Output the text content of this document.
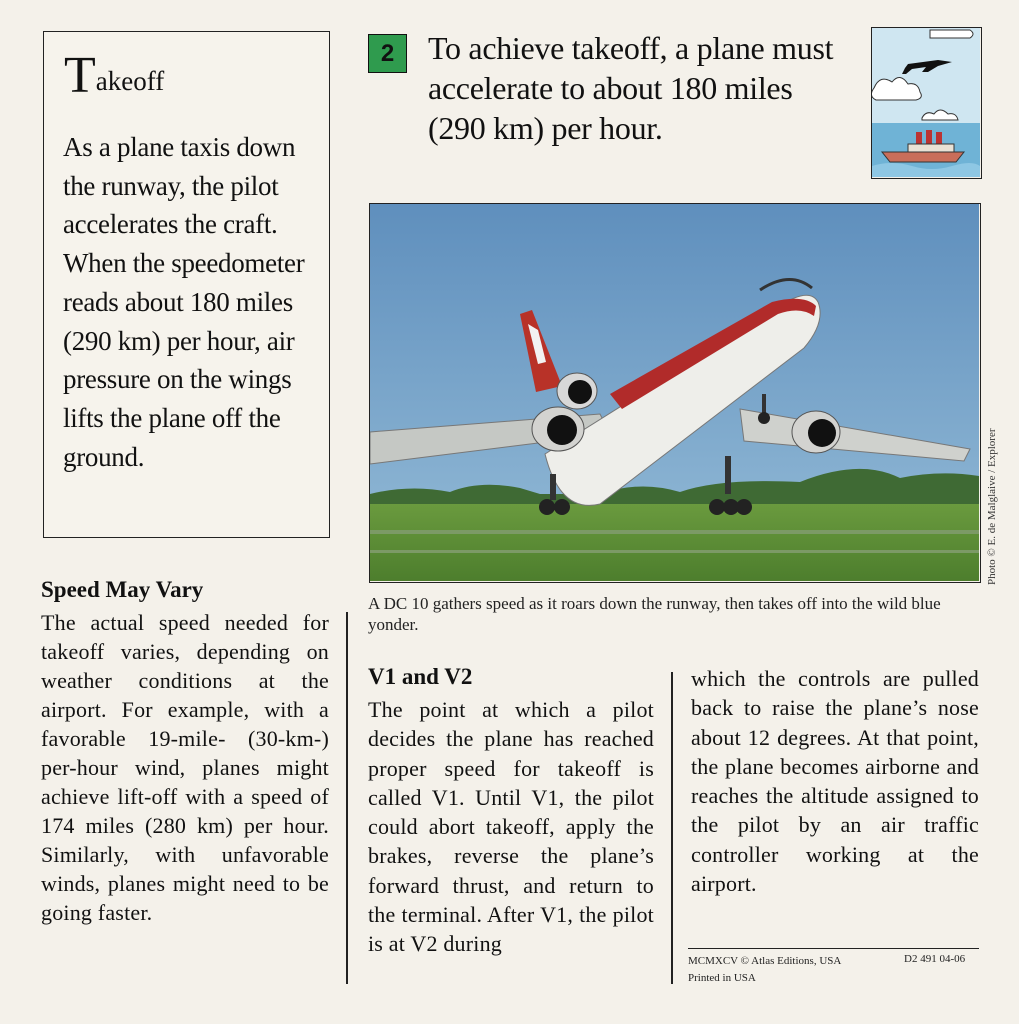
Takeoff
As a plane taxis down the runway, the pilot accelerates the craft. When the speedometer reads about 180 miles (290 km) per hour, air pressure on the wings lifts the plane off the ground.
2	To achieve takeoff, a plane must accelerate to about 180 miles (290 km) per hour.
Photo © E. de Malglaive / Explorer
A DC 10 gathers speed as it roars down the runway, then takes off into the wild blue yonder.
Speed May Vary
The actual speed needed for takeoff varies, depending on weather conditions at the airport. For example, with a favorable 19-mile- (30-km-) per-hour wind, planes might achieve lift-off with a speed of 174 miles (280 km) per hour. Similarly, with unfavorable winds, planes might need to be going faster.
V1 and V2
The point at which a pilot decides the plane has reached proper speed for takeoff is called V1. Until V1, the pilot could abort takeoff, apply the brakes, reverse the plane’s forward thrust, and return to the terminal. After V1, the pilot is at V2 during
which the controls are pulled back to raise the plane’s nose about 12 degrees. At that point, the plane becomes airborne and reaches the altitude assigned to the pilot by an air traffic controller working at the airport.
MCMXCV © Atlas Editions, USA
Printed in USA
D2 491 04-06
